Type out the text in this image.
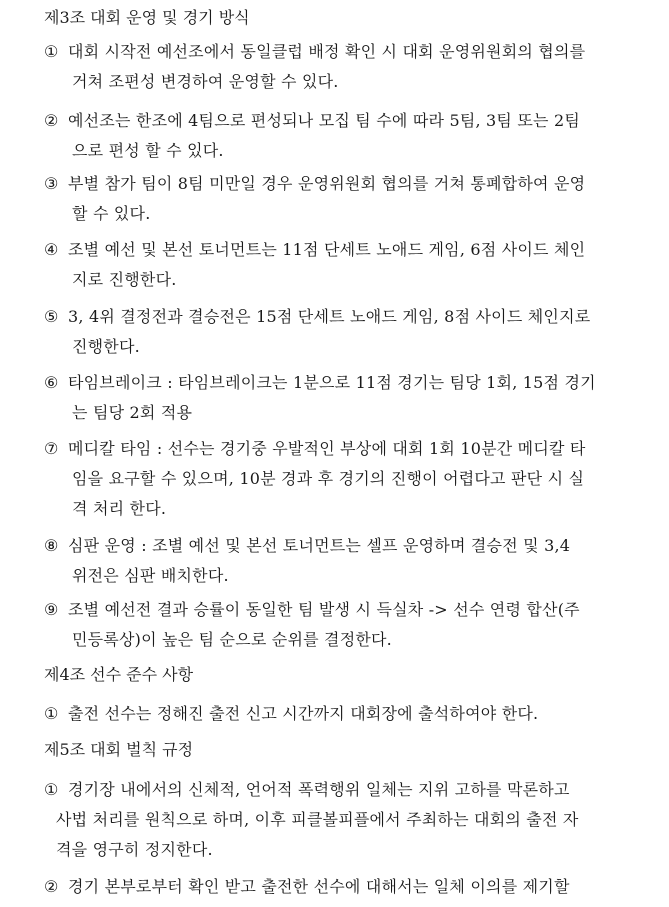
제3조 대회 운영 및 경기 방식
① 대회 시작전 예선조에서 동일클럽 배정 확인 시 대회 운영위원회의 협의를
거쳐 조편성 변경하여 운영할 수 있다.
② 예선조는 한조에 4팀으로 편성되나 모집 팀 수에 따라 5팀, 3팀 또는 2팀
으로 편성 할 수 있다.
③ 부별 참가 팀이 8팀 미만일 경우 운영위원회 협의를 거쳐 통폐합하여 운영
할 수 있다.
④ 조별 예선 및 본선 토너먼트는 11점 단세트 노애드 게임, 6점 사이드 체인
지로 진행한다.
⑤ 3, 4위 결정전과 결승전은 15점 단세트 노애드 게임, 8점 사이드 체인지로
진행한다.
⑥ 타임브레이크 : 타임브레이크는 1분으로 11점 경기는 팀당 1회, 15점 경기
는 팀당 2회 적용
⑦ 메디칼 타임 : 선수는 경기중 우발적인 부상에 대회 1회 10분간 메디칼 타
임을 요구할 수 있으며, 10분 경과 후 경기의 진행이 어렵다고 판단 시 실
격 처리 한다.
⑧ 심판 운영 : 조별 예선 및 본선 토너먼트는 셀프 운영하며 결승전 및 3,4
위전은 심판 배치한다.
⑨ 조별 예선전 결과 승률이 동일한 팀 발생 시 득실차 -> 선수 연령 합산(주
민등록상)이 높은 팀 순으로 순위를 결정한다.
제4조 선수 준수 사항
① 출전 선수는 정해진 출전 신고 시간까지 대회장에 출석하여야 한다.
제5조 대회 벌칙 규정
① 경기장 내에서의 신체적, 언어적 폭력행위 일체는 지위 고하를 막론하고
사법 처리를 원칙으로 하며, 이후 피클볼피플에서 주최하는 대회의 출전 자
격을 영구히 정지한다.
② 경기 본부로부터 확인 받고 출전한 선수에 대해서는 일체 이의를 제기할
